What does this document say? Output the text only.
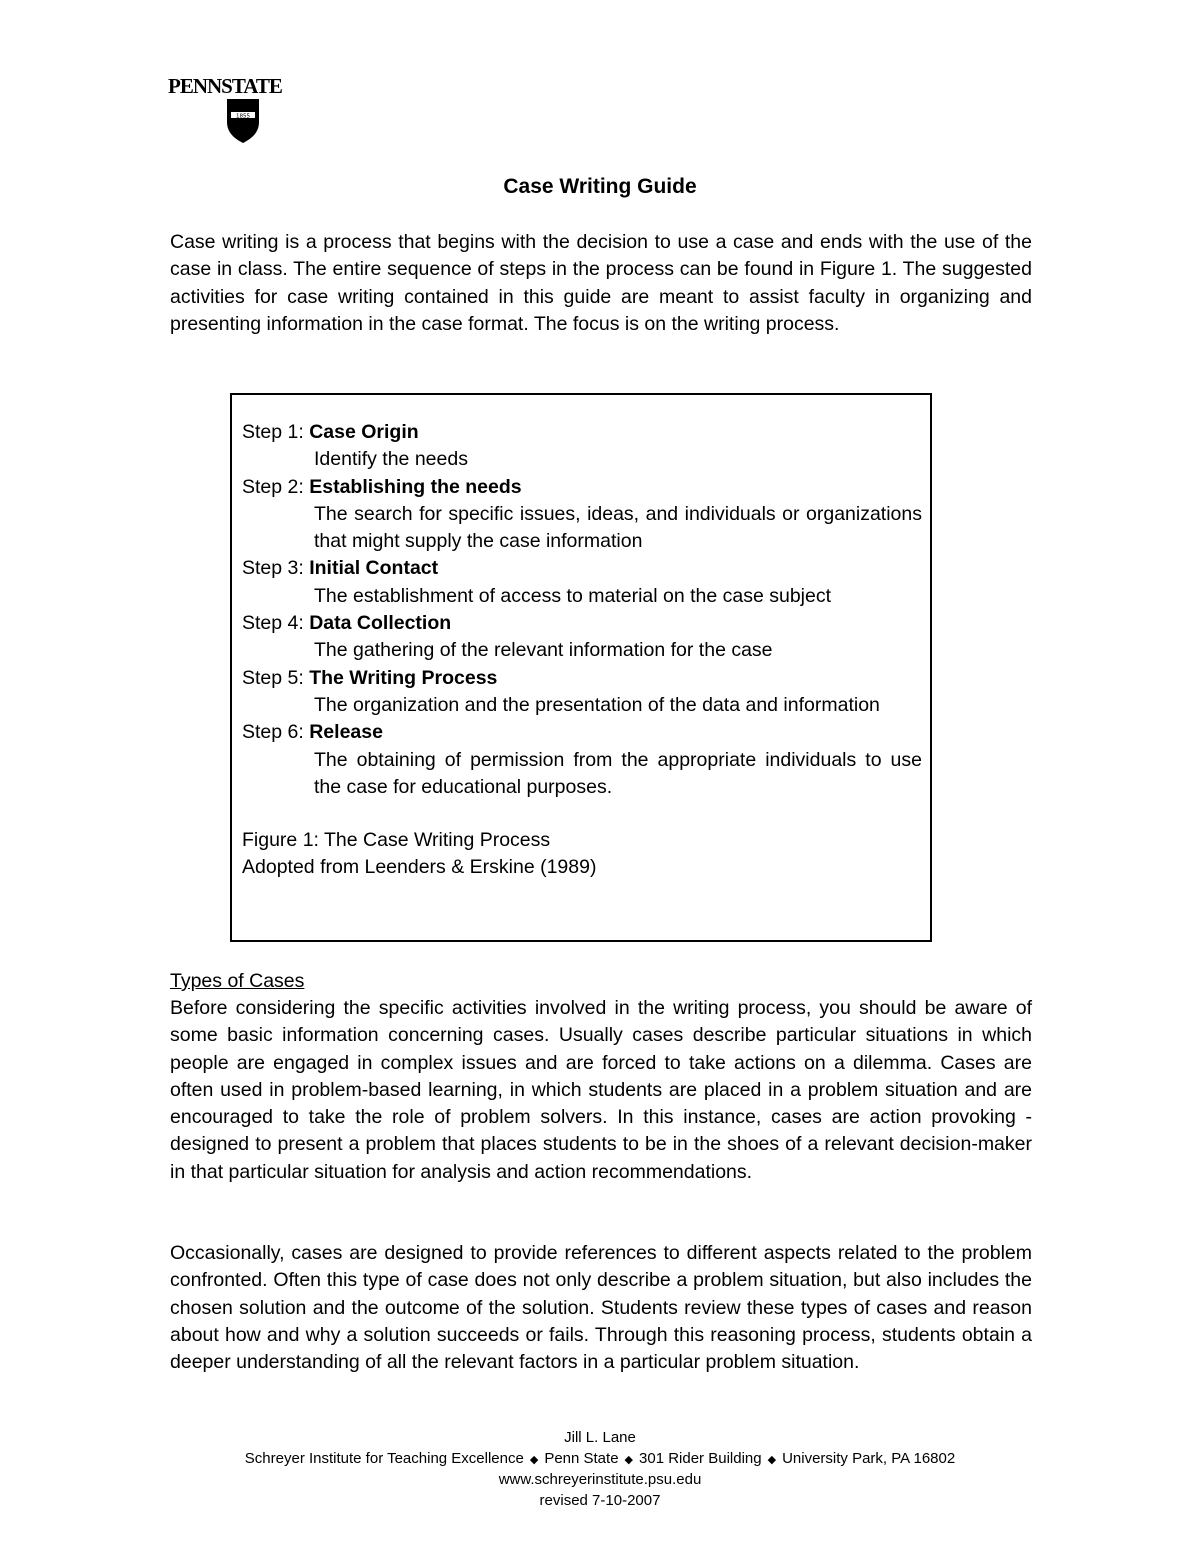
PENNSTATE
1855
Case Writing Guide

Case writing is a process that begins with the decision to use a case and ends with the use of the case in class. The entire sequence of steps in the process can be found in Figure 1. The suggested activities for case writing contained in this guide are meant to assist faculty in organizing and presenting information in the case format. The focus is on the writing process.

Step 1: Case Origin
Identify the needs
Step 2: Establishing the needs
The search for specific issues, ideas, and individuals or organizations that might supply the case information
Step 3: Initial Contact
The establishment of access to material on the case subject
Step 4: Data Collection
The gathering of the relevant information for the case
Step 5: The Writing Process
The organization and the presentation of the data and information
Step 6: Release
The obtaining of permission from the appropriate individuals to use the case for educational purposes.
Figure 1: The Case Writing Process
Adopted from Leenders & Erskine (1989)
Types of Cases

Before considering the specific activities involved in the writing process, you should be aware of some basic information concerning cases. Usually cases describe particular situations in which people are engaged in complex issues and are forced to take actions on a dilemma. Cases are often used in problem-based learning, in which students are placed in a problem situation and are encouraged to take the role of problem solvers. In this instance, cases are action provoking - designed to present a problem that places students to be in the shoes of a relevant decision-maker in that particular situation for analysis and action recommendations.

Occasionally, cases are designed to provide references to different aspects related to the problem confronted. Often this type of case does not only describe a problem situation, but also includes the chosen solution and the outcome of the solution. Students review these types of cases and reason about how and why a solution succeeds or fails. Through this reasoning process, students obtain a deeper understanding of all the relevant factors in a particular problem situation.

Jill L. Lane
Schreyer Institute for Teaching Excellence ◆ Penn State ◆ 301 Rider Building ◆ University Park, PA 16802
www.schreyerinstitute.psu.edu
revised 7-10-2007
